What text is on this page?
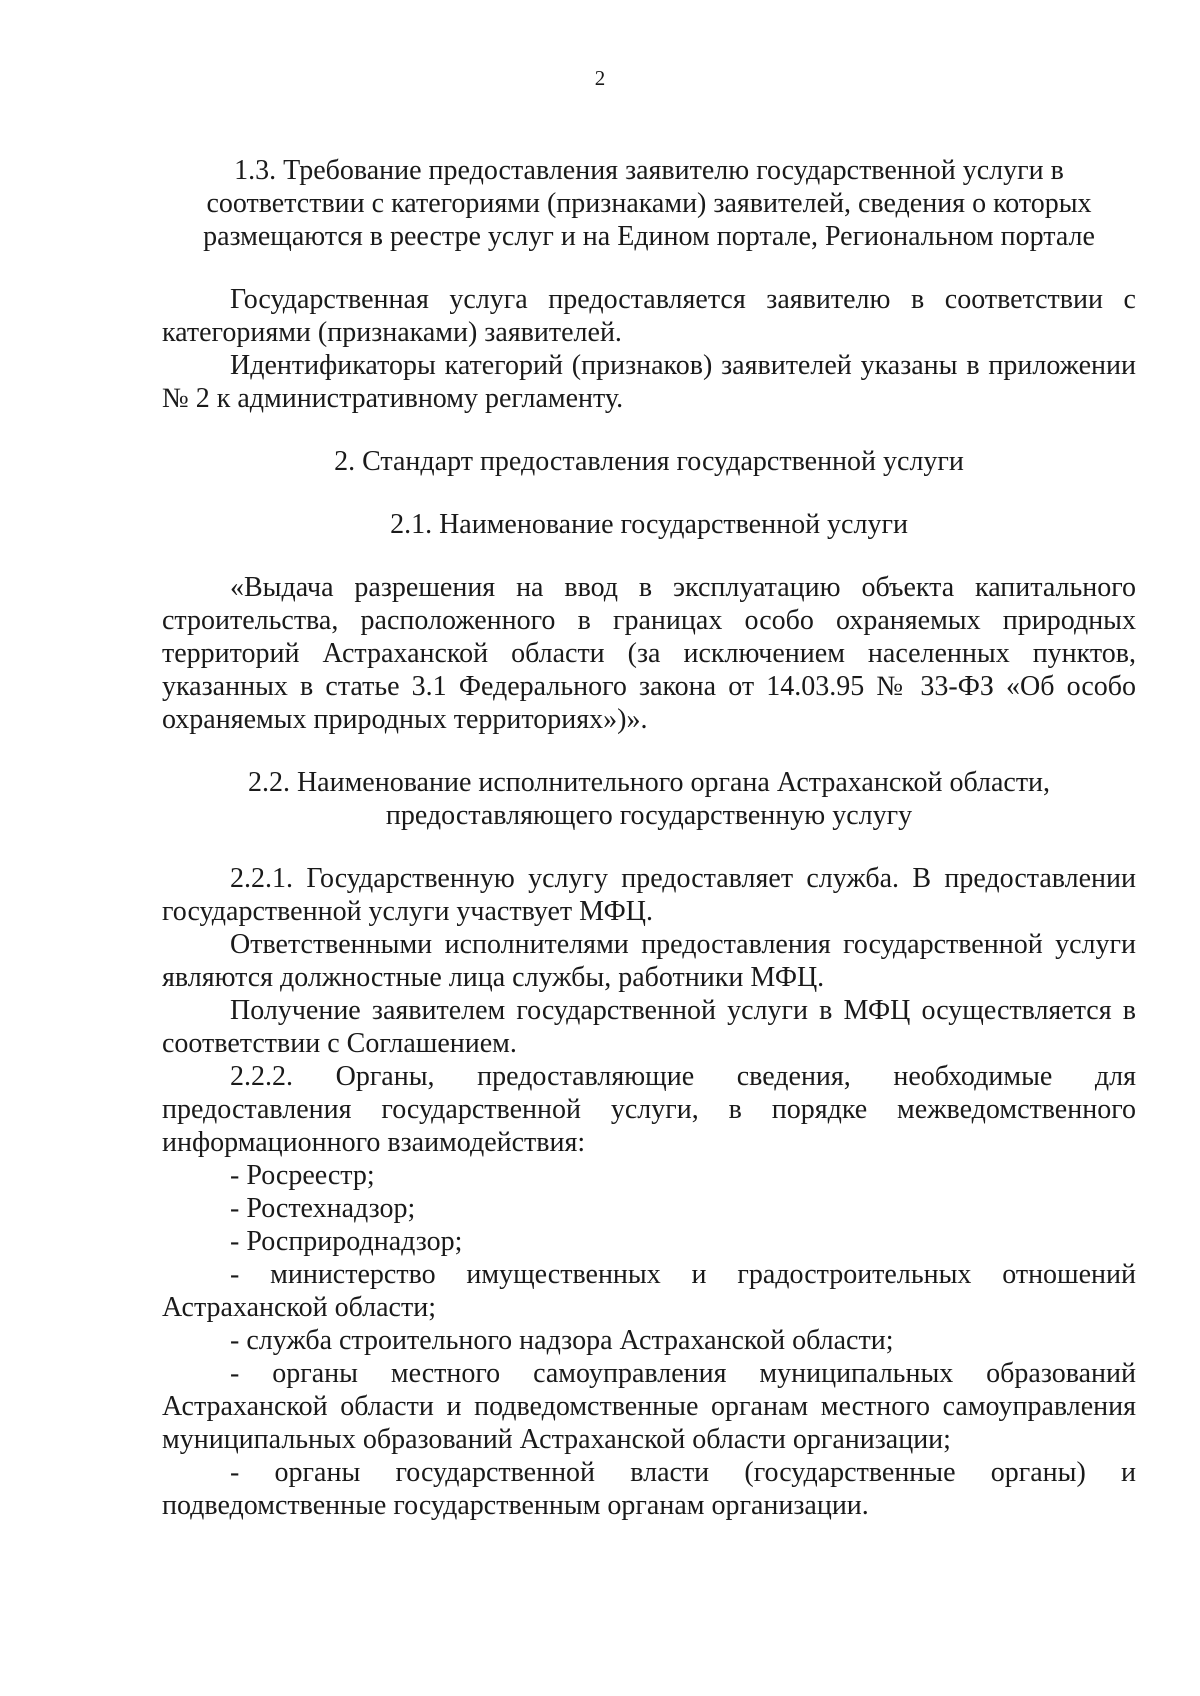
2

1.3. Требование предоставления заявителю государственной услуги в соответствии с категориями (признаками) заявителей, сведения о которых размещаются в реестре услуг и на Едином портале, Региональном портале

Государственная услуга предоставляется заявителю в соответствии с категориями (признаками) заявителей.

Идентификаторы категорий (признаков) заявителей указаны в приложении № 2 к административному регламенту.

2. Стандарт предоставления государственной услуги

2.1. Наименование государственной услуги

«Выдача разрешения на ввод в эксплуатацию объекта капитального строительства, расположенного в границах особо охраняемых природных территорий Астраханской области (за исключением населенных пунктов, указанных в статье 3.1 Федерального закона от 14.03.95 № 33-ФЗ «Об особо охраняемых природных территориях»)».

2.2. Наименование исполнительного органа Астраханской области,

предоставляющего государственную услугу

2.2.1. Государственную услугу предоставляет служба. В предоставлении государственной услуги участвует МФЦ.

Ответственными исполнителями предоставления государственной услуги являются должностные лица службы, работники МФЦ.

Получение заявителем государственной услуги в МФЦ осуществляется в соответствии с Соглашением.

2.2.2. Органы, предоставляющие сведения, необходимые для предоставления государственной услуги, в порядке межведомственного информационного взаимодействия:

- Росреестр;

- Ростехнадзор;

- Росприроднадзор;

- министерство имущественных и градостроительных отношений Астраханской области;

- служба строительного надзора Астраханской области;

- органы местного самоуправления муниципальных образований Астраханской области и подведомственные органам местного самоуправления муниципальных образований Астраханской области организации;

- органы государственной власти (государственные органы) и подведомственные государственным органам организации.
